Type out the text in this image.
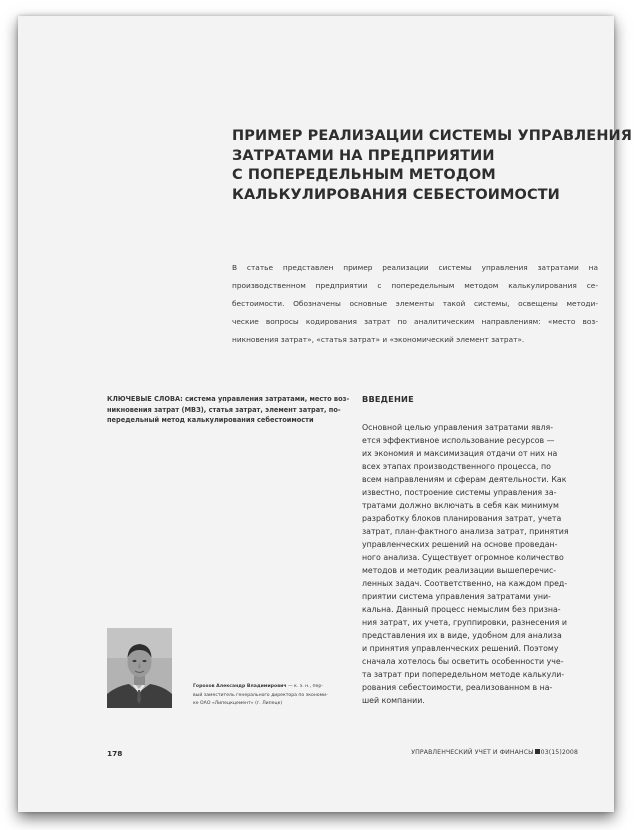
ПРИМЕР РЕАЛИЗАЦИИ СИСТЕМЫ УПРАВЛЕНИЯ
ЗАТРАТАМИ НА ПРЕДПРИЯТИИ
С ПОПЕРЕДЕЛЬНЫМ МЕТОДОМ
КАЛЬКУЛИРОВАНИЯ СЕБЕСТОИМОСТИ
В статье представлен пример реализации системы управления затратами на
производственном предприятии с попередельным методом калькулирования се-
бестоимости. Обозначены основные элементы такой системы, освещены методи-
ческие вопросы кодирования затрат по аналитическим направлениям: «место воз-
никновения затрат», «статья затрат» и «экономический элемент затрат».
КЛЮЧЕВЫЕ СЛОВА: система управления затратами, место воз-
никновения затрат (МВЗ), статья затрат, элемент затрат, по-
передельный метод калькулирования себестоимости
ВВЕДЕНИЕ
Основной целью управления затратами явля-
ется эффективное использование ресурсов —
их экономия и максимизация отдачи от них на
всех этапах производственного процесса, по
всем направлениям и сферам деятельности. Как
известно, построение системы управления за-
тратами должно включать в себя как минимум
разработку блоков планирования затрат, учета
затрат, план-фактного анализа затрат, принятия
управленческих решений на основе проведан-
ного анализа. Существует огромное количество
методов и методик реализации вышеперечис-
ленных задач. Соответственно, на каждом пред-
приятии система управления затратами уни-
кальна. Данный процесс немыслим без призна-
ния затрат, их учета, группировки, разнесения и
представления их в виде, удобном для анализа
и принятия управленческих решений. Поэтому
сначала хотелось бы осветить особенности уче-
та затрат при попередельном методе калькули-
рования себестоимости, реализованном в на-
шей компании.
Горохов Александр Владимирович — к. э. н., пер-
вый заместитель генерального директора по экономи-
ке ОАО «Липецкцемент» (г. Липецк)
178	УПРАВЛЕНЧЕСКИЙ УЧЕТ И ФИНАНСЫ 03(15)2008
